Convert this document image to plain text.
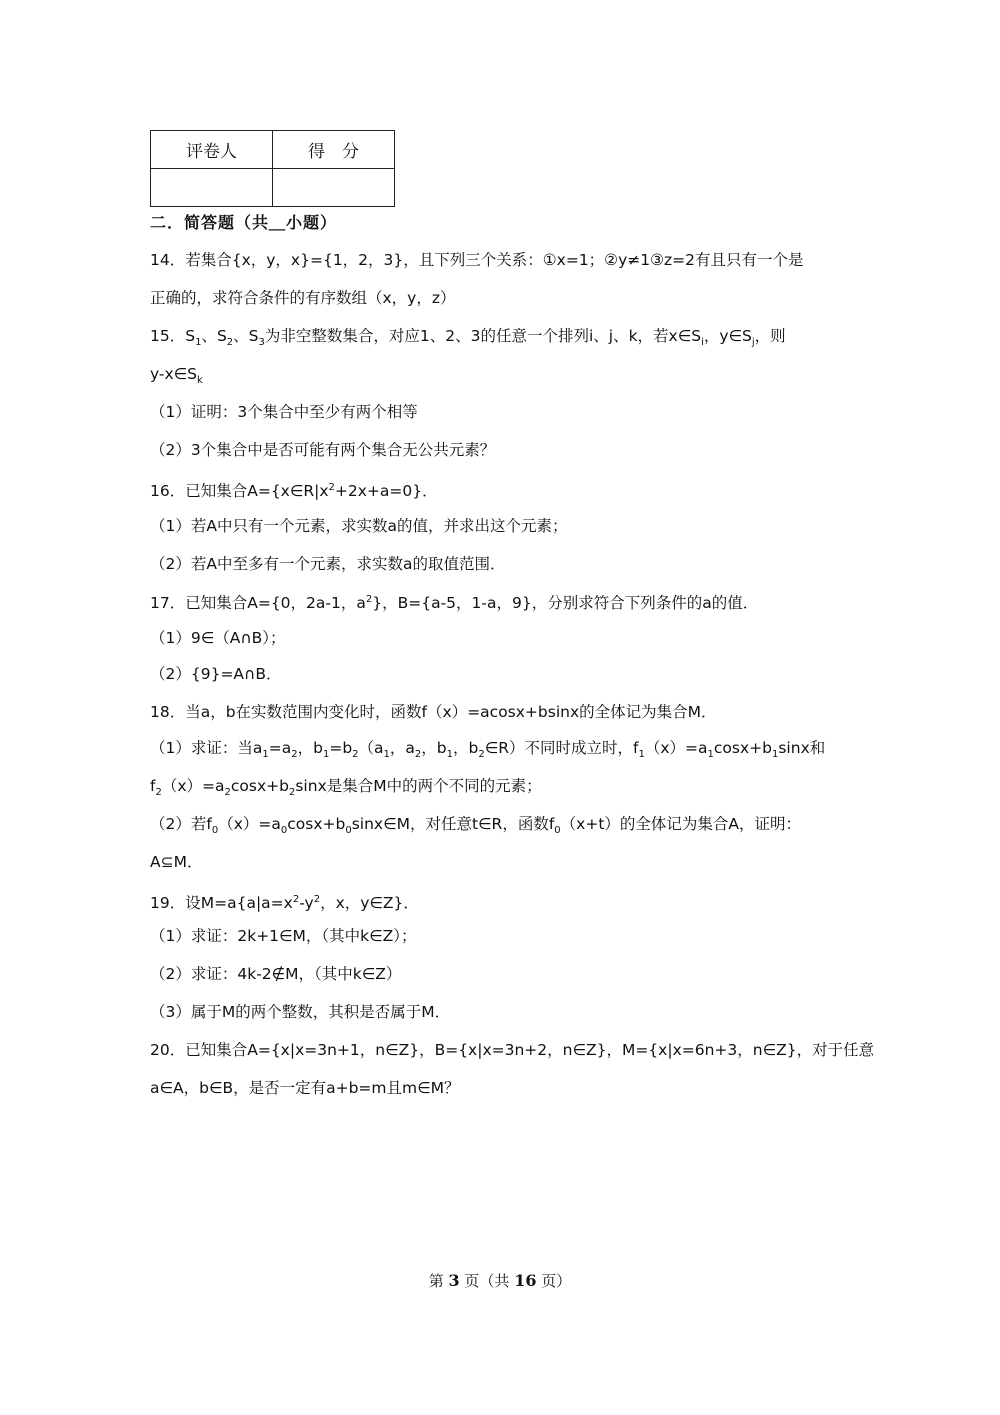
评卷人	得　分

二．简答题（共＿小题）
14．若集合{x，y，x}={1，2，3}，且下列三个关系：①x=1；②y≠1③z=2有且只有一个是
正确的，求符合条件的有序数组（x，y，z）
15．$S_1$、$S_2$、$S_3$为非空整数集合，对应1、2、3的任意一个排列i、j、k，若$x\in S_i$，$y\in S_j$，则
$y-x\in S_k$
（1）证明：3个集合中至少有两个相等
（2）3个集合中是否可能有两个集合无公共元素？
16．已知集合$A=\{x\in R|x^2+2x+a=0\}$．
（1）若A中只有一个元素，求实数a的值，并求出这个元素；
（2）若A中至多有一个元素，求实数a的取值范围．
17．已知集合A={0，2a-1，$a^2$}，B={a-5，1-a，9}，分别求符合下列条件的a的值．
（1）9∈（A∩B）；
（2）{9}=A∩B．
18．当a，b在实数范围内变化时，函数f（x）=acosx+bsinx的全体记为集合M．
（1）求证：当$a_1=a_2$，$b_1=b_2(a_1$，$a_2$，$b_1$，$b_2\in R$）不同时成立时，$f_1(x)=a_1\cos x+b_1\sin x$和
$f_2(x)=a_2\cos x+b_2\sin x$是集合M中的两个不同的元素；
（2）若$f_0(x)=a_0\cos x+b_0\sin x\in M$，对任意t∈R，函数$f_0(x+t)$的全体记为集合A，证明：
A⊆M．
19．设$M=a\{a|a=x^2-y^2$，x，y∈Z}．
（1）求证：2k+1∈M，（其中k∈Z）；
（2）求证：4k-2∉M，（其中k∈Z）
（3）属于M的两个整数，其积是否属于M．
20．已知集合A={x|x=3n+1，n∈Z}，B={x|x=3n+2，n∈Z}，M={x|x=6n+3，n∈Z}，对于任意
a∈A，b∈B，是否一定有a+b=m且m∈M？
第 3 页（共 16 页）
